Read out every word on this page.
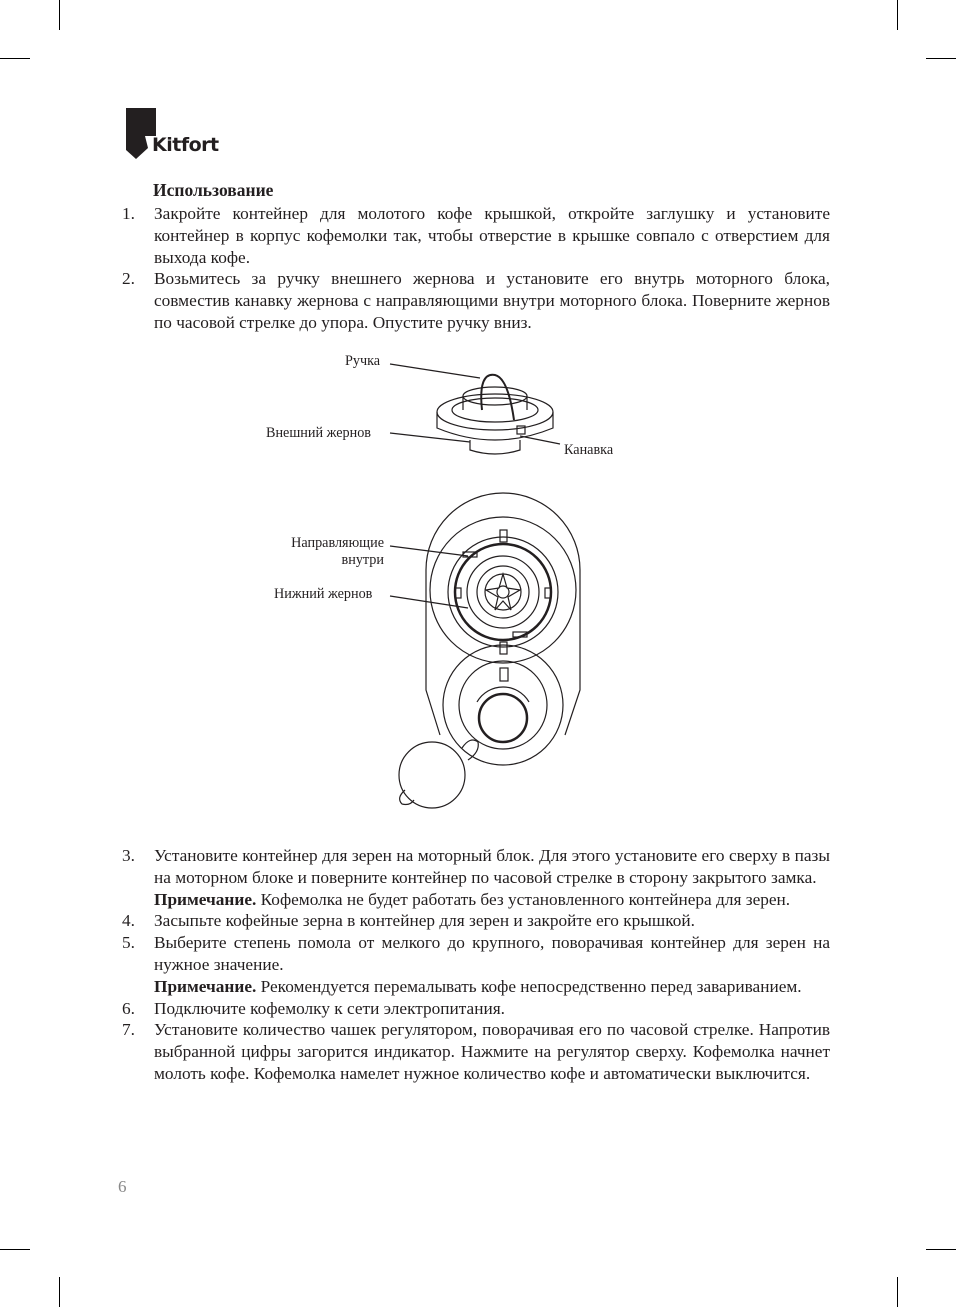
Kitfort
Использование
1. Закройте контейнер для молотого кофе крышкой, откройте заглушку и установите контейнер в корпус кофемолки так, чтобы отверстие в крышке совпало с отверстием для выхода кофе.
2. Возьмитесь за ручку внешнего жернова и установите его внутрь моторного блока, совместив канавку жернова с направляющими внутри моторного блока. Поверните жернов по часовой стрелке до упора. Опустите ручку вниз.
Ручка
Внешний жернов
Канавка
Направляющие
внутри
Нижний жернов
3. Установите контейнер для зерен на моторный блок. Для этого установите его сверху в пазы на моторном блоке и поверните контейнер по часовой стрелке в сторону закрытого замка.
Примечание. Кофемолка не будет работать без установленного контейнера для зерен.
4. Засыпьте кофейные зерна в контейнер для зерен и закройте его крышкой.
5. Выберите степень помола от мелкого до крупного, поворачивая контейнер для зерен на нужное значение.
Примечание. Рекомендуется перемалывать кофе непосредственно перед завариванием.
6. Подключите кофемолку к сети электропитания.
7. Установите количество чашек регулятором, поворачивая его по часовой стрелке. Напротив выбранной цифры загорится индикатор. Нажмите на регулятор сверху. Кофемолка начнет молоть кофе. Кофемолка намелет нужное количество кофе и автоматически выключится.
6
